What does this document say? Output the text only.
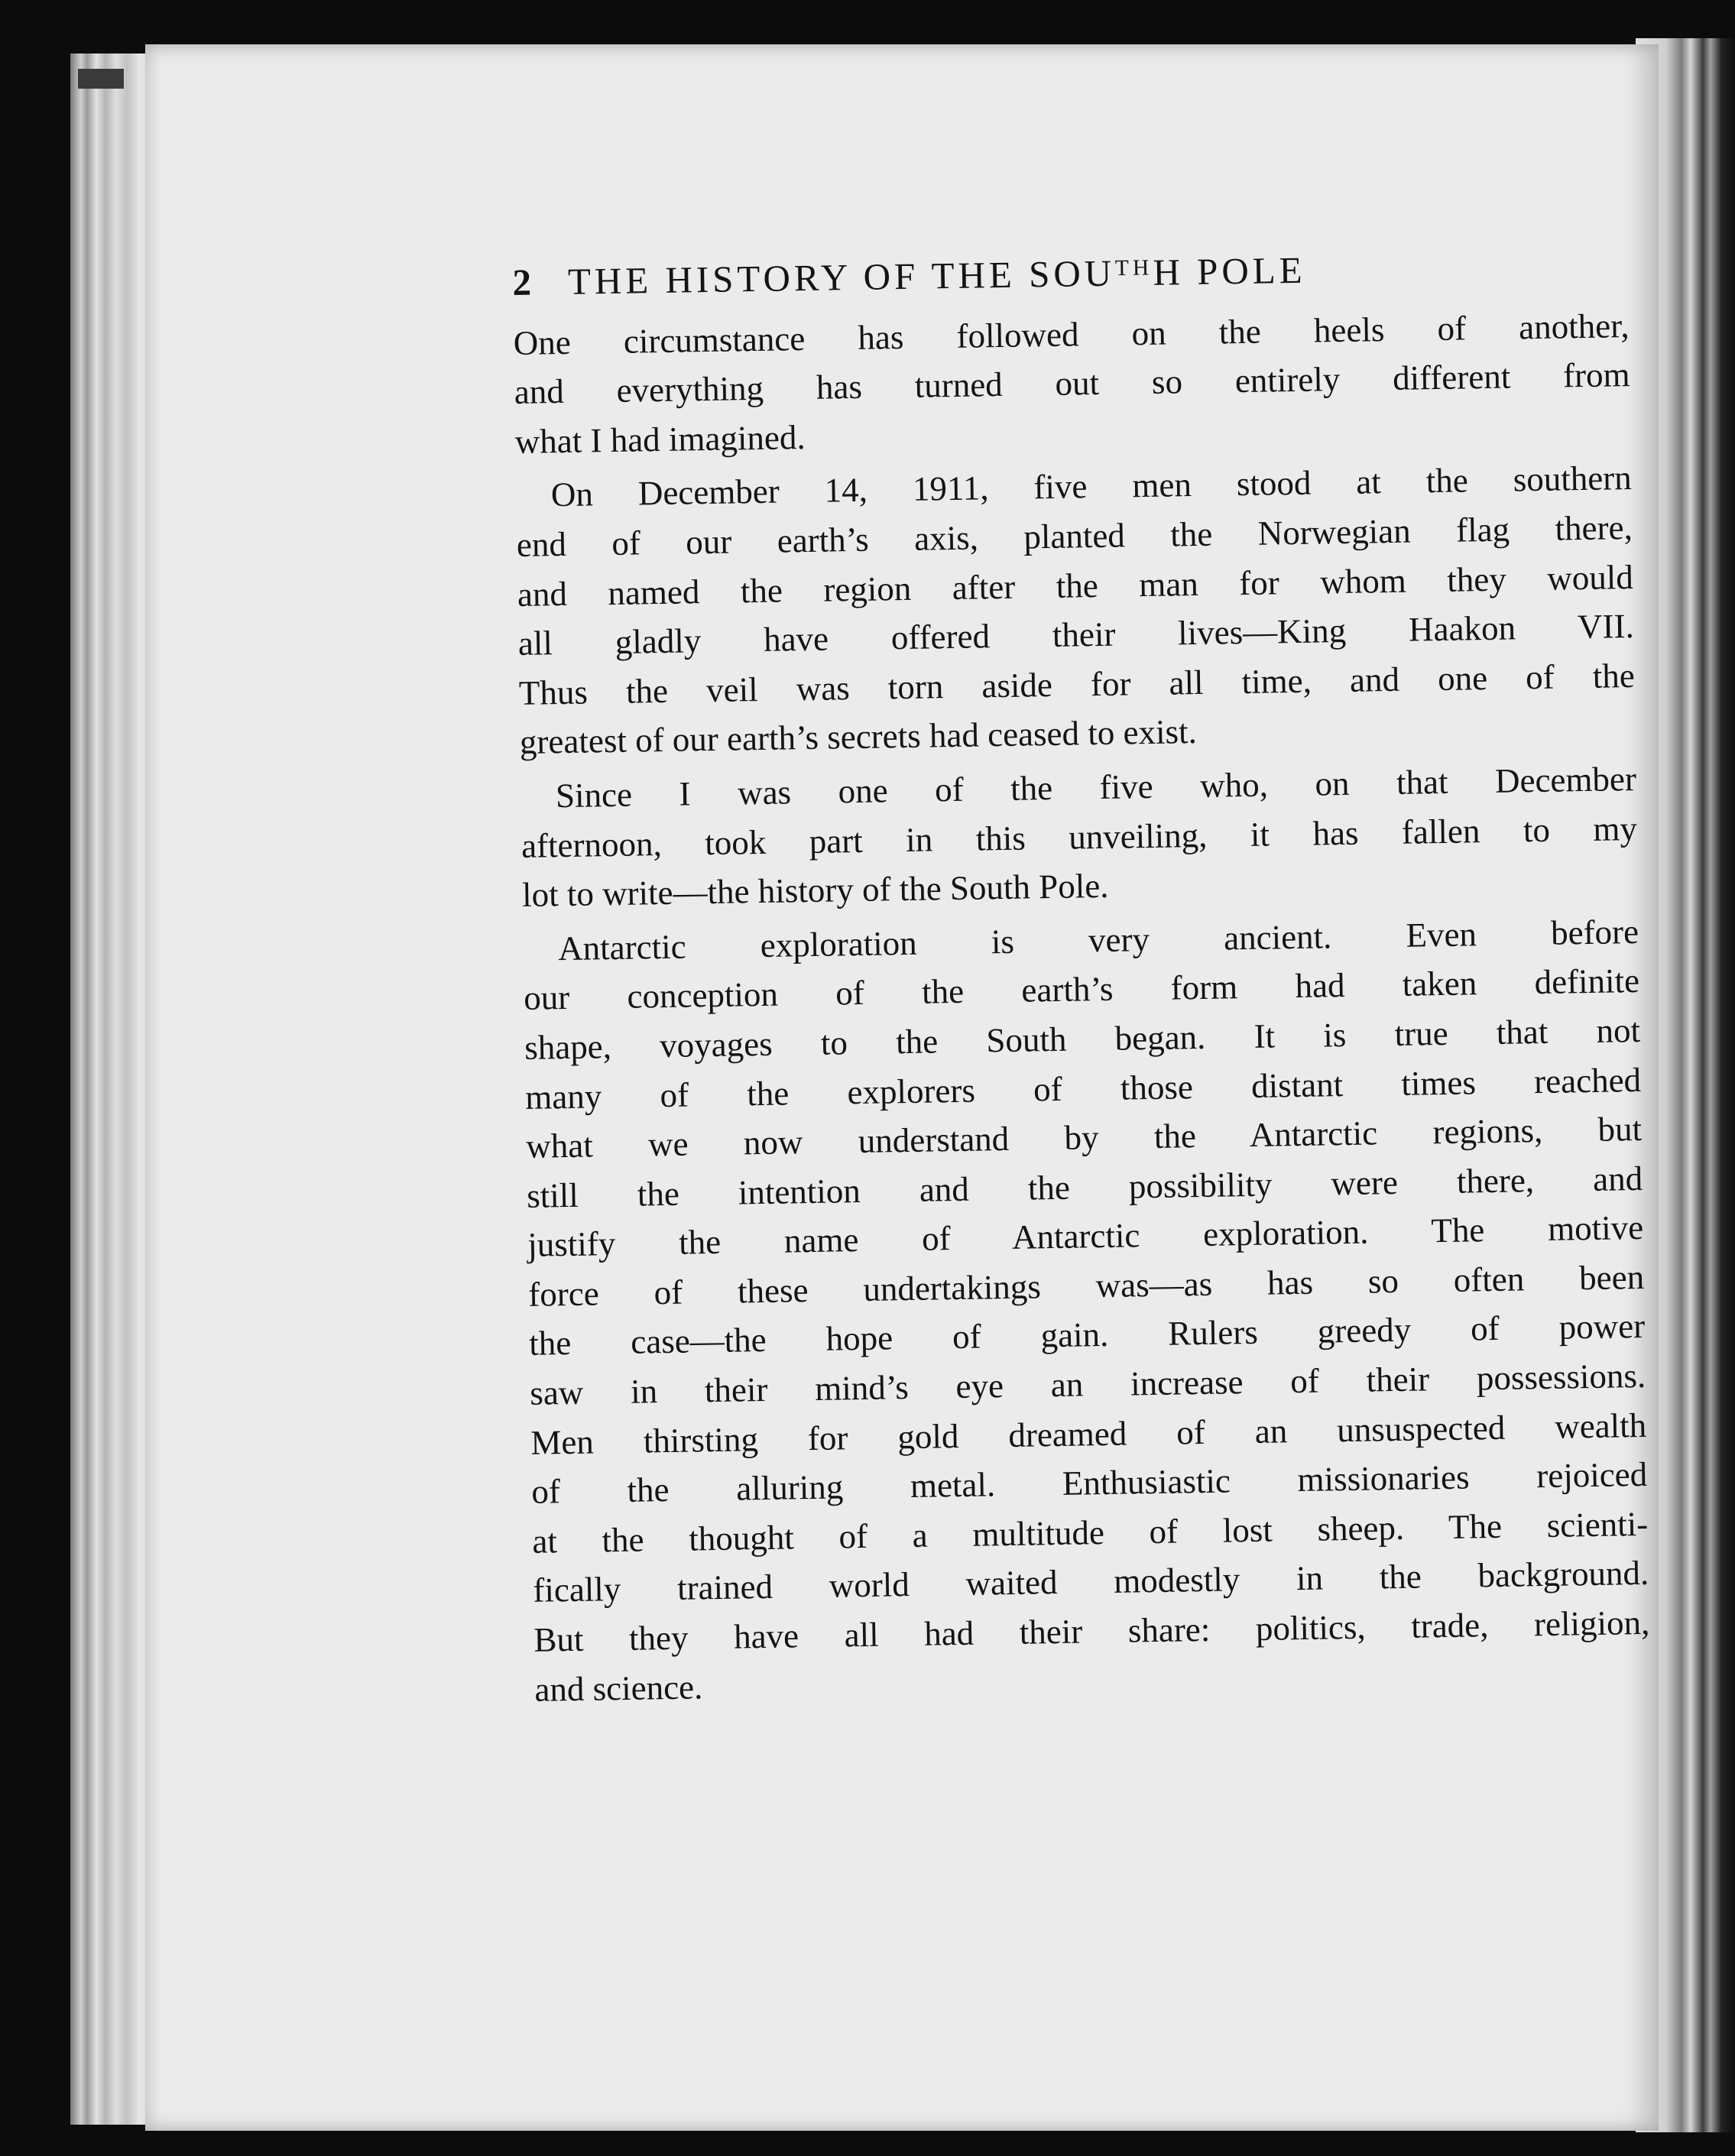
2 THE HISTORY OF THE SOUᵀᴴH POLE
One circumstance has followed on the heels of another,
and everything has turned out so entirely different from
what I had imagined.
On December 14, 1911, five men stood at the southern
end of our earth’s axis, planted the Norwegian flag there,
and named the region after the man for whom they would
all gladly have offered their lives—King Haakon VII.
Thus the veil was torn aside for all time, and one of the
greatest of our earth’s secrets had ceased to exist.
Since I was one of the five who, on that December
afternoon, took part in this unveiling, it has fallen to my
lot to write—the history of the South Pole.
Antarctic exploration is very ancient. Even before
our conception of the earth’s form had taken definite
shape, voyages to the South began. It is true that not
many of the explorers of those distant times reached
what we now understand by the Antarctic regions, but
still the intention and the possibility were there, and
justify the name of Antarctic exploration. The motive
force of these undertakings was—as has so often been
the case—the hope of gain. Rulers greedy of power
saw in their mind’s eye an increase of their possessions.
Men thirsting for gold dreamed of an unsuspected wealth
of the alluring metal. Enthusiastic missionaries rejoiced
at the thought of a multitude of lost sheep. The scienti-
fically trained world waited modestly in the background.
But they have all had their share: politics, trade, religion,
and science.
